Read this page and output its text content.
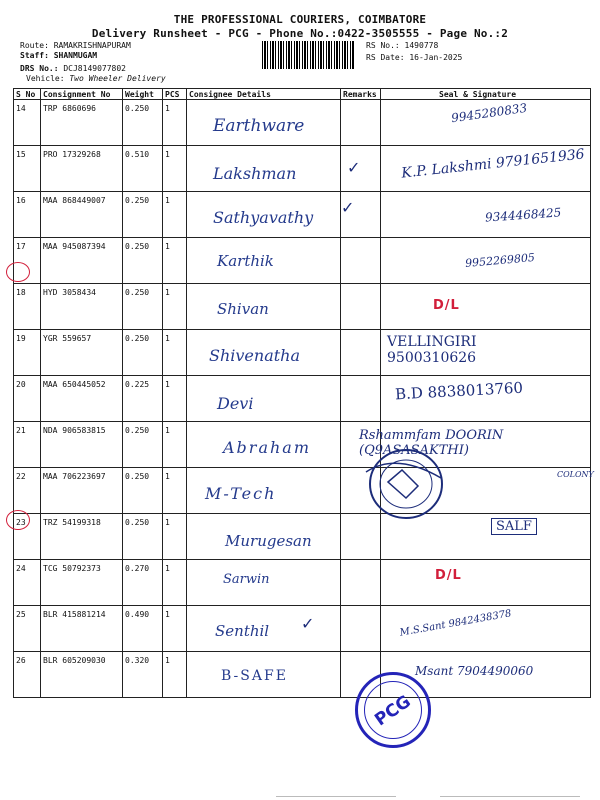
THE PROFESSIONAL COURIERS, COIMBATORE
Delivery Runsheet - PCG - Phone No.:0422-3505555 - Page No.:2
Route: RAMAKRISHNAPURAM
Staff: SHANMUGAM
DRS No.: DCJ8149077802
Vehicle: Two Wheeler Delivery
RS No.: 1490778
RS Date: 16-Jan-2025
S No	Consignment No	Weight	PCS	Consignee Details	Remarks	Seal & Signature
14	TRP 6860696	0.250	1	Earthware		9945280833

15	PRO 17329268	0.510	1	Lakshman	✓	K.P. Lakshmi 9791651936

16	MAA 868449007	0.250	1	Sathyavathy	✓	9344468425

17	MAA 945087394	0.250	1	Karthik		9952269805

18	HYD 3058434	0.250	1	Shivan		D/L

19	YGR 559657	0.250	1	Shivenatha		VELLINGIRI 9500310626

20	MAA 650445052	0.225	1	Devi		B.D 8838013760

21	NDA 906583815	0.250	1	Abraham		Rshammfam DOORIN (Q9ASASAKTHI)

22	MAA 706223697	0.250	1	M-Tech		COLONY

23	TRZ 54199318	0.250	1	Murugesan		SALF

24	TCG 50792373	0.270	1	Sarwin		D/L

25	BLR 415881214	0.490	1	Senthil	✓	M.S.Sant 9842438378

26	BLR 605209030	0.320	1	B-SAFE		Msant 7904490060
PCG
